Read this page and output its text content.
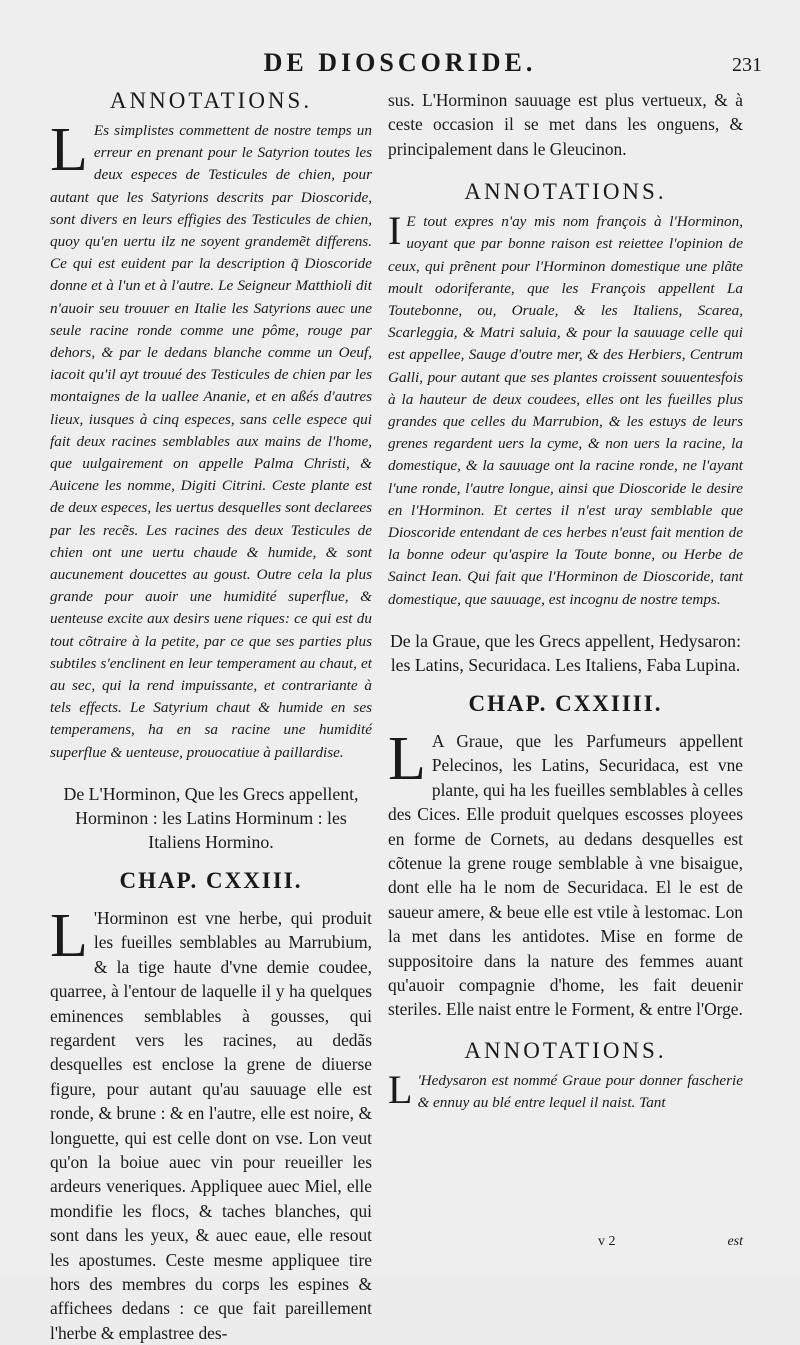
DE DIOSCORIDE.	231
ANNOTATIONS.

L Es simplistes commettent de nostre temps un erreur en prenant pour le Satyrion toutes les deux especes de Testicules de chien, pour autant que les Satyrions descrits par Dioscoride, sont divers en leurs effigies des Testicules de chien, quoy qu'en uertu ilz ne soyent grandemẽt differens. Ce qui est euident par la description q̃ Dioscoride donne et à l'un et à l'autre. Le Seigneur Matthioli dit n'auoir seu trouuer en Italie les Satyrions auec une seule racine ronde comme une pôme, rouge par dehors, & par le dedans blanche comme un Oeuf, iacoit qu'il ayt trouué des Testicules de chien par les montaignes de la uallee Ananie, et en aßés d'autres lieux, iusques à cinq especes, sans celle espece qui fait deux racines semblables aux mains de l'home, que uulgairement on appelle Palma Christi, & Auicene les nomme, Digiti Citrini. Ceste plante est de deux especes, les uertus desquelles sont declarees par les recẽs. Les racines des deux Testicules de chien ont une uertu chaude & humide, & sont aucunement doucettes au goust. Outre cela la plus grande pour auoir une humidité superflue, & uenteuse excite aux desirs uene riques: ce qui est du tout cõtraire à la petite, par ce que ses parties plus subtiles s'enclinent en leur temperament au chaut, et au sec, qui la rend impuissante, et contrariante à tels effects. Le Satyrium chaut & humide en ses temperamens, ha en sa racine une humidité superflue & uenteuse, prouocatiue à paillardise.

De L'Horminon, Que les Grecs appellent, Horminon : les Latins Horminum : les Italiens Hormino.
CHAP. CXXIII.

L 'Horminon est vne herbe, qui produit les fueilles semblables au Marrubium, & la tige haute d'vne demie coudee, quarree, à l'entour de laquelle il y ha quelques eminences semblables à gousses, qui regardent vers les racines, au dedãs desquelles est enclose la grene de diuerse figure, pour autant qu'au sauuage elle est ronde, & brune : & en l'autre, elle est noire, & longuette, qui est celle dont on vse. Lon veut qu'on la boiue auec vin pour reueiller les ardeurs veneriques. Appliquee auec Miel, elle mondifie les flocs, & taches blanches, qui sont dans les yeux, & auec eaue, elle resout les apostumes. Ceste mesme appliquee tire hors des membres du corps les espines & affichees dedans : ce que fait pareillement l'herbe & emplastree des-

sus. L'Horminon sauuage est plus vertueux, & à ceste occasion il se met dans les onguens, & principalement dans le Gleucinon.

ANNOTATIONS.

I E tout expres n'ay mis nom françois à l'Horminon, uoyant que par bonne raison est reiettee l'opinion de ceux, qui prẽnent pour l'Horminon domestique une plãte moult odoriferante, que les François appellent La Toutebonne, ou, Oruale, & les Italiens, Scarea, Scarleggia, & Matri saluia, & pour la sauuage celle qui est appellee, Sauge d'outre mer, & des Herbiers, Centrum Galli, pour autant que ses plantes croissent souuentesfois à la hauteur de deux coudees, elles ont les fueilles plus grandes que celles du Marrubion, & les estuys de leurs grenes regardent uers la cyme, & non uers la racine, la domestique, & la sauuage ont la racine ronde, ne l'ayant l'une ronde, l'autre longue, ainsi que Dioscoride le desire en l'Horminon. Et certes il n'est uray semblable que Dioscoride entendant de ces herbes n'eust fait mention de la bonne odeur qu'aspire la Toute bonne, ou Herbe de Sainct Iean. Qui fait que l'Horminon de Dioscoride, tant domestique, que sauuage, est incognu de nostre temps.

De la Graue, que les Grecs appellent, Hedysaron: les Latins, Securidaca. Les Italiens, Faba Lupina.
CHAP. CXXIIII.

L A Graue, que les Parfumeurs appellent Pelecinos, les Latins, Securidaca, est vne plante, qui ha les fueilles semblables à celles des Cices. Elle produit quelques escosses ployees en forme de Cornets, au dedans desquelles est cõtenue la grene rouge semblable à vne bisaigue, dont elle ha le nom de Securidaca. El le est de saueur amere, & beue elle est vtile à lestomac. Lon la met dans les antidotes. Mise en forme de suppositoire dans la nature des femmes auant qu'auoir compagnie d'home, les fait deuenir steriles. Elle naist entre le Forment, & entre l'Orge.

ANNOTATIONS.

L 'Hedysaron est nommé Graue pour donner fascherie & ennuy au blé entre lequel il naist. Tant

v 2	est
